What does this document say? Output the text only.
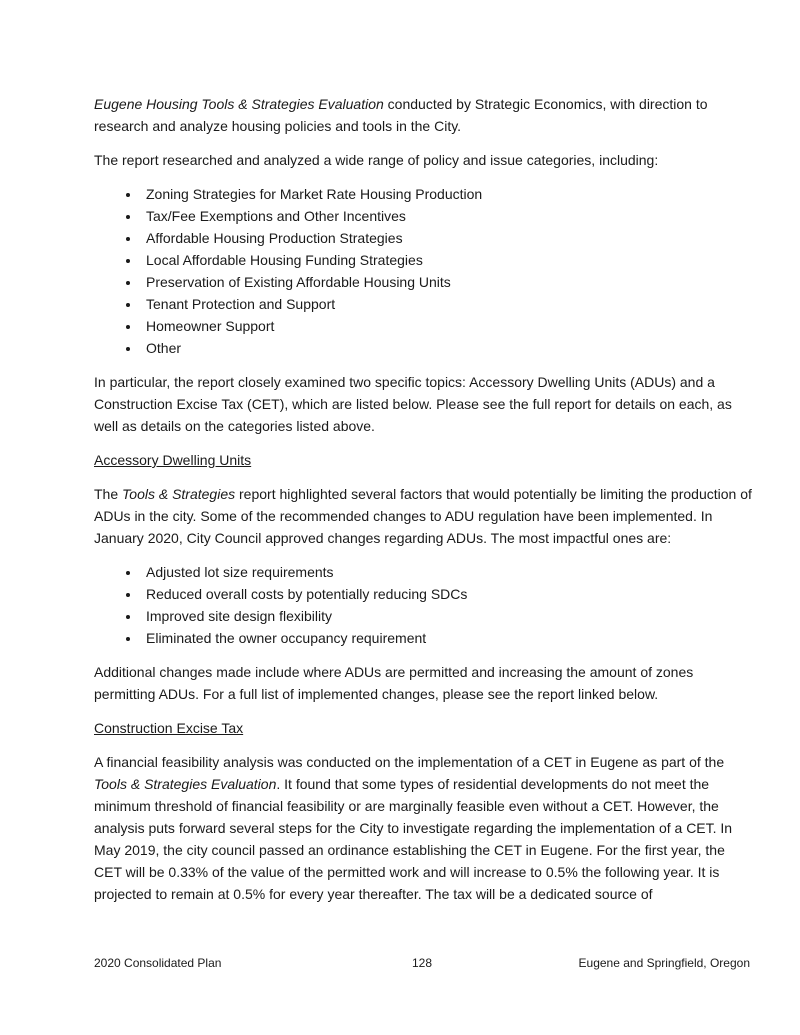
Eugene Housing Tools & Strategies Evaluation conducted by Strategic Economics, with direction to research and analyze housing policies and tools in the City.

The report researched and analyzed a wide range of policy and issue categories, including:

• Zoning Strategies for Market Rate Housing Production
• Tax/Fee Exemptions and Other Incentives
• Affordable Housing Production Strategies
• Local Affordable Housing Funding Strategies
• Preservation of Existing Affordable Housing Units
• Tenant Protection and Support
• Homeowner Support
• Other

In particular, the report closely examined two specific topics: Accessory Dwelling Units (ADUs) and a Construction Excise Tax (CET), which are listed below. Please see the full report for details on each, as well as details on the categories listed above.

Accessory Dwelling Units

The Tools & Strategies report highlighted several factors that would potentially be limiting the production of ADUs in the city. Some of the recommended changes to ADU regulation have been implemented. In January 2020, City Council approved changes regarding ADUs. The most impactful ones are:

• Adjusted lot size requirements
• Reduced overall costs by potentially reducing SDCs
• Improved site design flexibility
• Eliminated the owner occupancy requirement

Additional changes made include where ADUs are permitted and increasing the amount of zones permitting ADUs. For a full list of implemented changes, please see the report linked below.

Construction Excise Tax

A financial feasibility analysis was conducted on the implementation of a CET in Eugene as part of the Tools & Strategies Evaluation. It found that some types of residential developments do not meet the minimum threshold of financial feasibility or are marginally feasible even without a CET. However, the analysis puts forward several steps for the City to investigate regarding the implementation of a CET. In May 2019, the city council passed an ordinance establishing the CET in Eugene. For the first year, the CET will be 0.33% of the value of the permitted work and will increase to 0.5% the following year. It is projected to remain at 0.5% for every year thereafter. The tax will be a dedicated source of

2020 Consolidated Plan	128	Eugene and Springfield, Oregon
